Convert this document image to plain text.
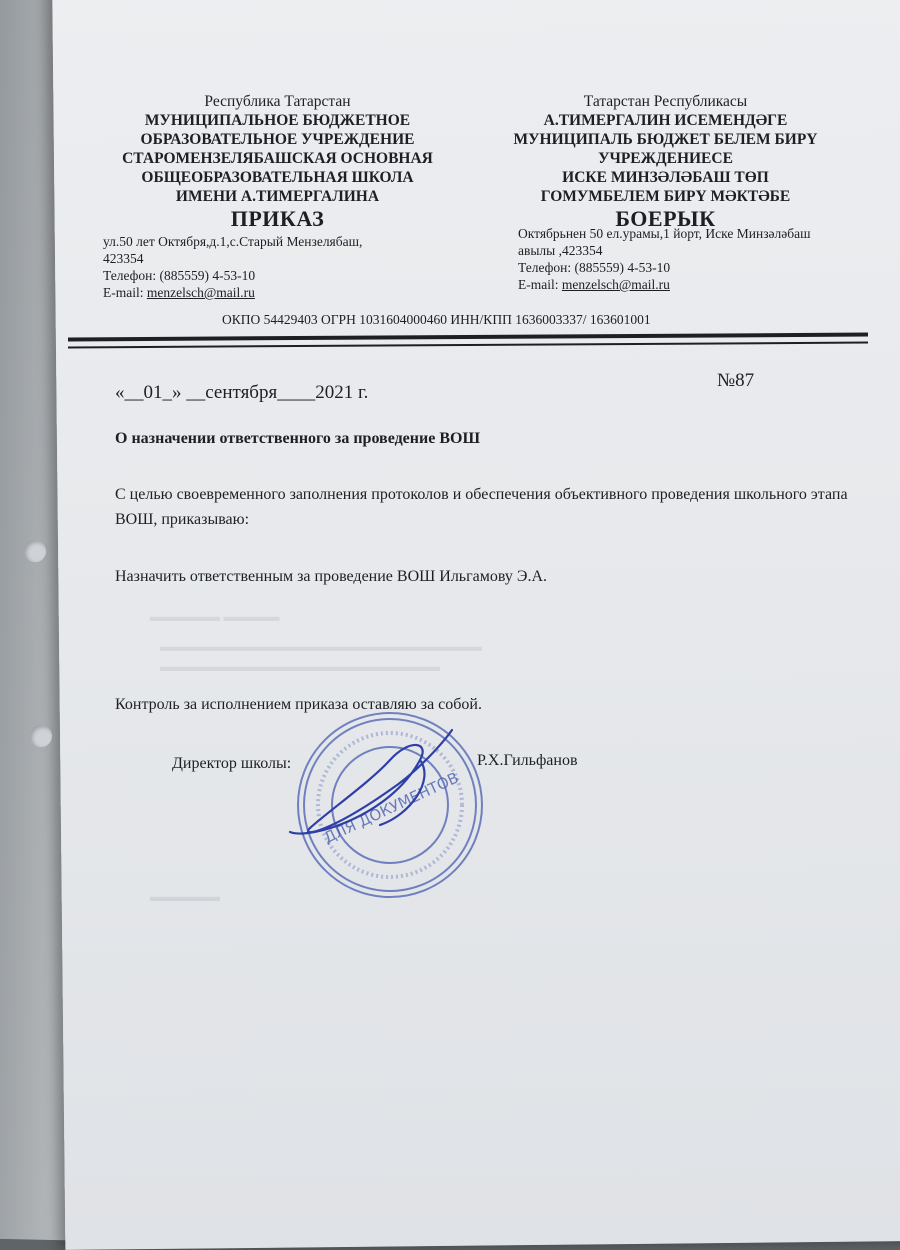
▬▬▬▬▬ ▬▬▬▬
▬▬▬▬▬▬▬▬▬▬▬▬▬▬▬▬▬▬▬▬▬▬▬
▬▬▬▬▬▬▬▬▬▬▬▬▬▬▬▬▬▬▬▬
▬▬▬▬▬
Республика Татарстан
МУНИЦИПАЛЬНОЕ БЮДЖЕТНОЕ
ОБРАЗОВАТЕЛЬНОЕ УЧРЕЖДЕНИЕ
СТАРОМЕНЗЕЛЯБАШСКАЯ ОСНОВНАЯ
ОБЩЕОБРАЗОВАТЕЛЬНАЯ ШКОЛА
ИМЕНИ А.ТИМЕРГАЛИНА
ПРИКАЗ
ул.50 лет Октября,д.1,с.Старый Мензелябаш,
423354
Телефон: (885559) 4-53-10
E-mail: menzelsch@mail.ru
Татарстан Республикасы
А.ТИМЕРГАЛИН ИСЕМЕНДӘГЕ
МУНИЦИПАЛЬ БЮДЖЕТ БЕЛЕМ БИРҮ
УЧРЕЖДЕНИЕСЕ
ИСКЕ МИНЗӘЛӘБАШ ТӨП
ГОМУМБЕЛЕМ БИРҮ МӘКТӘБЕ
БОЕРЫК
Октябрьнен 50 ел.урамы,1 йорт, Иске Минзәләбаш
авылы ,423354
Телефон: (885559) 4-53-10
E-mail: menzelsch@mail.ru
ОКПО 54429403 ОГРН 1031604000460 ИНН/КПП 1636003337/ 163601001
«__01_» __сентября____2021 г.
№87
О назначении ответственного за проведение ВОШ
С целью своевременного заполнения протоколов и обеспечения объективного проведения школьного этапа ВОШ, приказываю:
Назначить ответственным за проведение ВОШ Ильгамову Э.А.
Контроль за исполнением приказа оставляю за собой.
ДЛЯ ДОКУМЕНТОВ
Директор школы:	Р.Х.Гильфанов
